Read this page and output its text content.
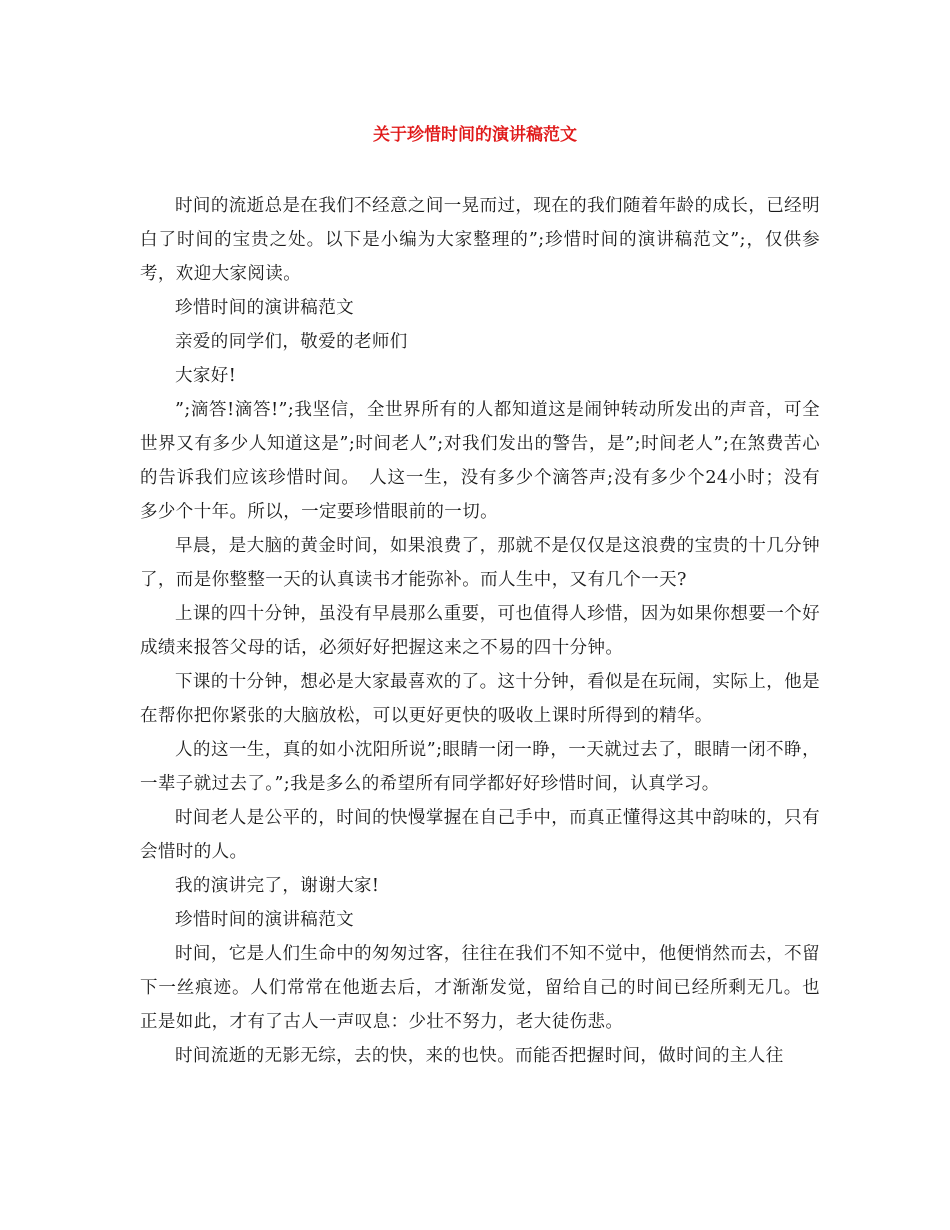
关于珍惜时间的演讲稿范文

时间的流逝总是在我们不经意之间一晃而过，现在的我们随着年龄的成长，已经明白了时间的宝贵之处。以下是小编为大家整理的”;珍惜时间的演讲稿范文”;，仅供参考，欢迎大家阅读。

珍惜时间的演讲稿范文

亲爱的同学们，敬爱的老师们

大家好!

”;滴答!滴答!”;我坚信，全世界所有的人都知道这是闹钟转动所发出的声音，可全世界又有多少人知道这是”;时间老人”;对我们发出的警告，是”;时间老人”;在煞费苦心的告诉我们应该珍惜时间。　人这一生，没有多少个滴答声;没有多少个24小时；没有多少个十年。所以，一定要珍惜眼前的一切。

早晨，是大脑的黄金时间，如果浪费了，那就不是仅仅是这浪费的宝贵的十几分钟了，而是你整整一天的认真读书才能弥补。而人生中，又有几个一天?

上课的四十分钟，虽没有早晨那么重要，可也值得人珍惜，因为如果你想要一个好成绩来报答父母的话，必须好好把握这来之不易的四十分钟。

下课的十分钟，想必是大家最喜欢的了。这十分钟，看似是在玩闹，实际上，他是在帮你把你紧张的大脑放松，可以更好更快的吸收上课时所得到的精华。

人的这一生，真的如小沈阳所说”;眼睛一闭一睁，一天就过去了，眼睛一闭不睁，一辈子就过去了。”;我是多么的希望所有同学都好好珍惜时间，认真学习。

时间老人是公平的，时间的快慢掌握在自己手中，而真正懂得这其中韵味的，只有会惜时的人。

我的演讲完了，谢谢大家!

珍惜时间的演讲稿范文

时间，它是人们生命中的匆匆过客，往往在我们不知不觉中，他便悄然而去，不留下一丝痕迹。人们常常在他逝去后，才渐渐发觉，留给自己的时间已经所剩无几。也正是如此，才有了古人一声叹息：少壮不努力，老大徒伤悲。

时间流逝的无影无综，去的快，来的也快。而能否把握时间，做时间的主人往
